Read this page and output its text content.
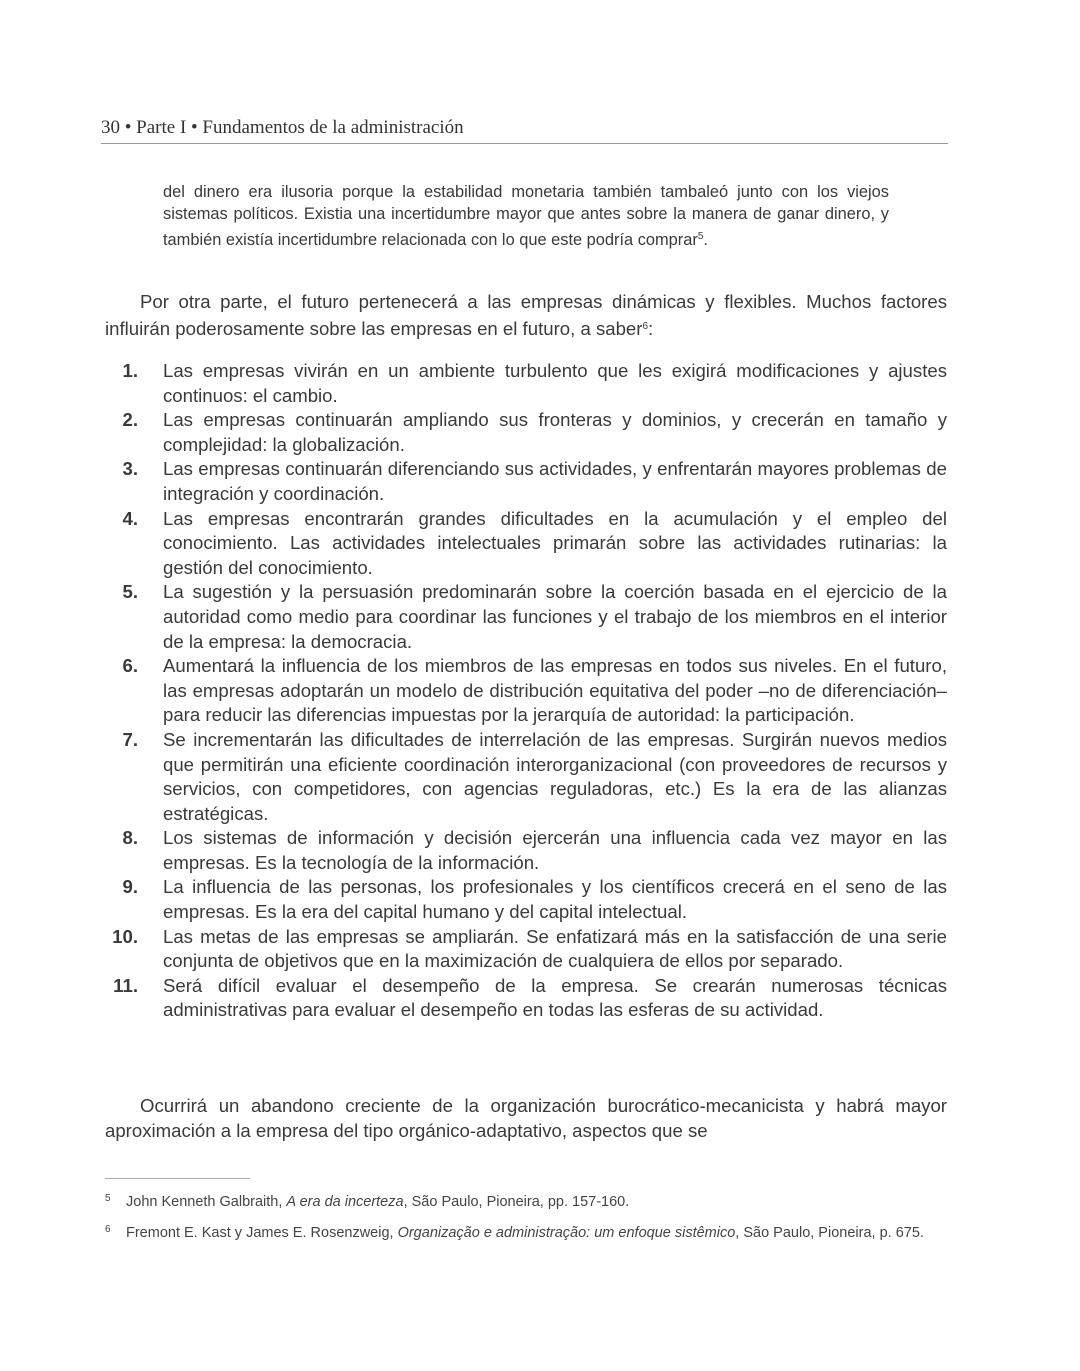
30 • Parte I • Fundamentos de la administración
del dinero era ilusoria porque la estabilidad monetaria también tambaleó junto con los viejos sistemas políticos. Existia una incertidumbre mayor que antes sobre la manera de ganar dinero, y también existía incertidumbre relacionada con lo que este podría comprar$^5$.
Por otra parte, el futuro pertenecerá a las empresas dinámicas y flexibles. Muchos factores influirán poderosamente sobre las empresas en el futuro, a saber$^6$:
1. Las empresas vivirán en un ambiente turbulento que les exigirá modificaciones y ajustes continuos: el cambio.
2. Las empresas continuarán ampliando sus fronteras y dominios, y crecerán en tamaño y complejidad: la globalización.
3. Las empresas continuarán diferenciando sus actividades, y enfrentarán mayores problemas de integración y coordinación.
4. Las empresas encontrarán grandes dificultades en la acumulación y el empleo del conocimiento. Las actividades intelectuales primarán sobre las actividades rutinarias: la gestión del conocimiento.
5. La sugestión y la persuasión predominarán sobre la coerción basada en el ejercicio de la autoridad como medio para coordinar las funciones y el trabajo de los miembros en el interior de la empresa: la democracia.
6. Aumentará la influencia de los miembros de las empresas en todos sus niveles. En el futuro, las empresas adoptarán un modelo de distribución equitativa del poder –no de diferenciación– para reducir las diferencias impuestas por la jerarquía de autoridad: la participación.
7. Se incrementarán las dificultades de interrelación de las empresas. Surgirán nuevos medios que permitirán una eficiente coordinación interorganizacional (con proveedores de recursos y servicios, con competidores, con agencias reguladoras, etc.) Es la era de las alianzas estratégicas.
8. Los sistemas de información y decisión ejercerán una influencia cada vez mayor en las empresas. Es la tecnología de la información.
9. La influencia de las personas, los profesionales y los científicos crecerá en el seno de las empresas. Es la era del capital humano y del capital intelectual.
10. Las metas de las empresas se ampliarán. Se enfatizará más en la satisfacción de una serie conjunta de objetivos que en la maximización de cualquiera de ellos por separado.
11. Será difícil evaluar el desempeño de la empresa. Se crearán numerosas técnicas administrativas para evaluar el desempeño en todas las esferas de su actividad.
Ocurrirá un abandono creciente de la organización burocrático-mecanicista y habrá mayor aproximación a la empresa del tipo orgánico-adaptativo, aspectos que se
5	John Kenneth Galbraith, A era da incerteza, São Paulo, Pioneira, pp. 157-160.
6	Fremont E. Kast y James E. Rosenzweig, Organização e administração: um enfoque sistêmico, São Paulo, Pioneira, p. 675.
